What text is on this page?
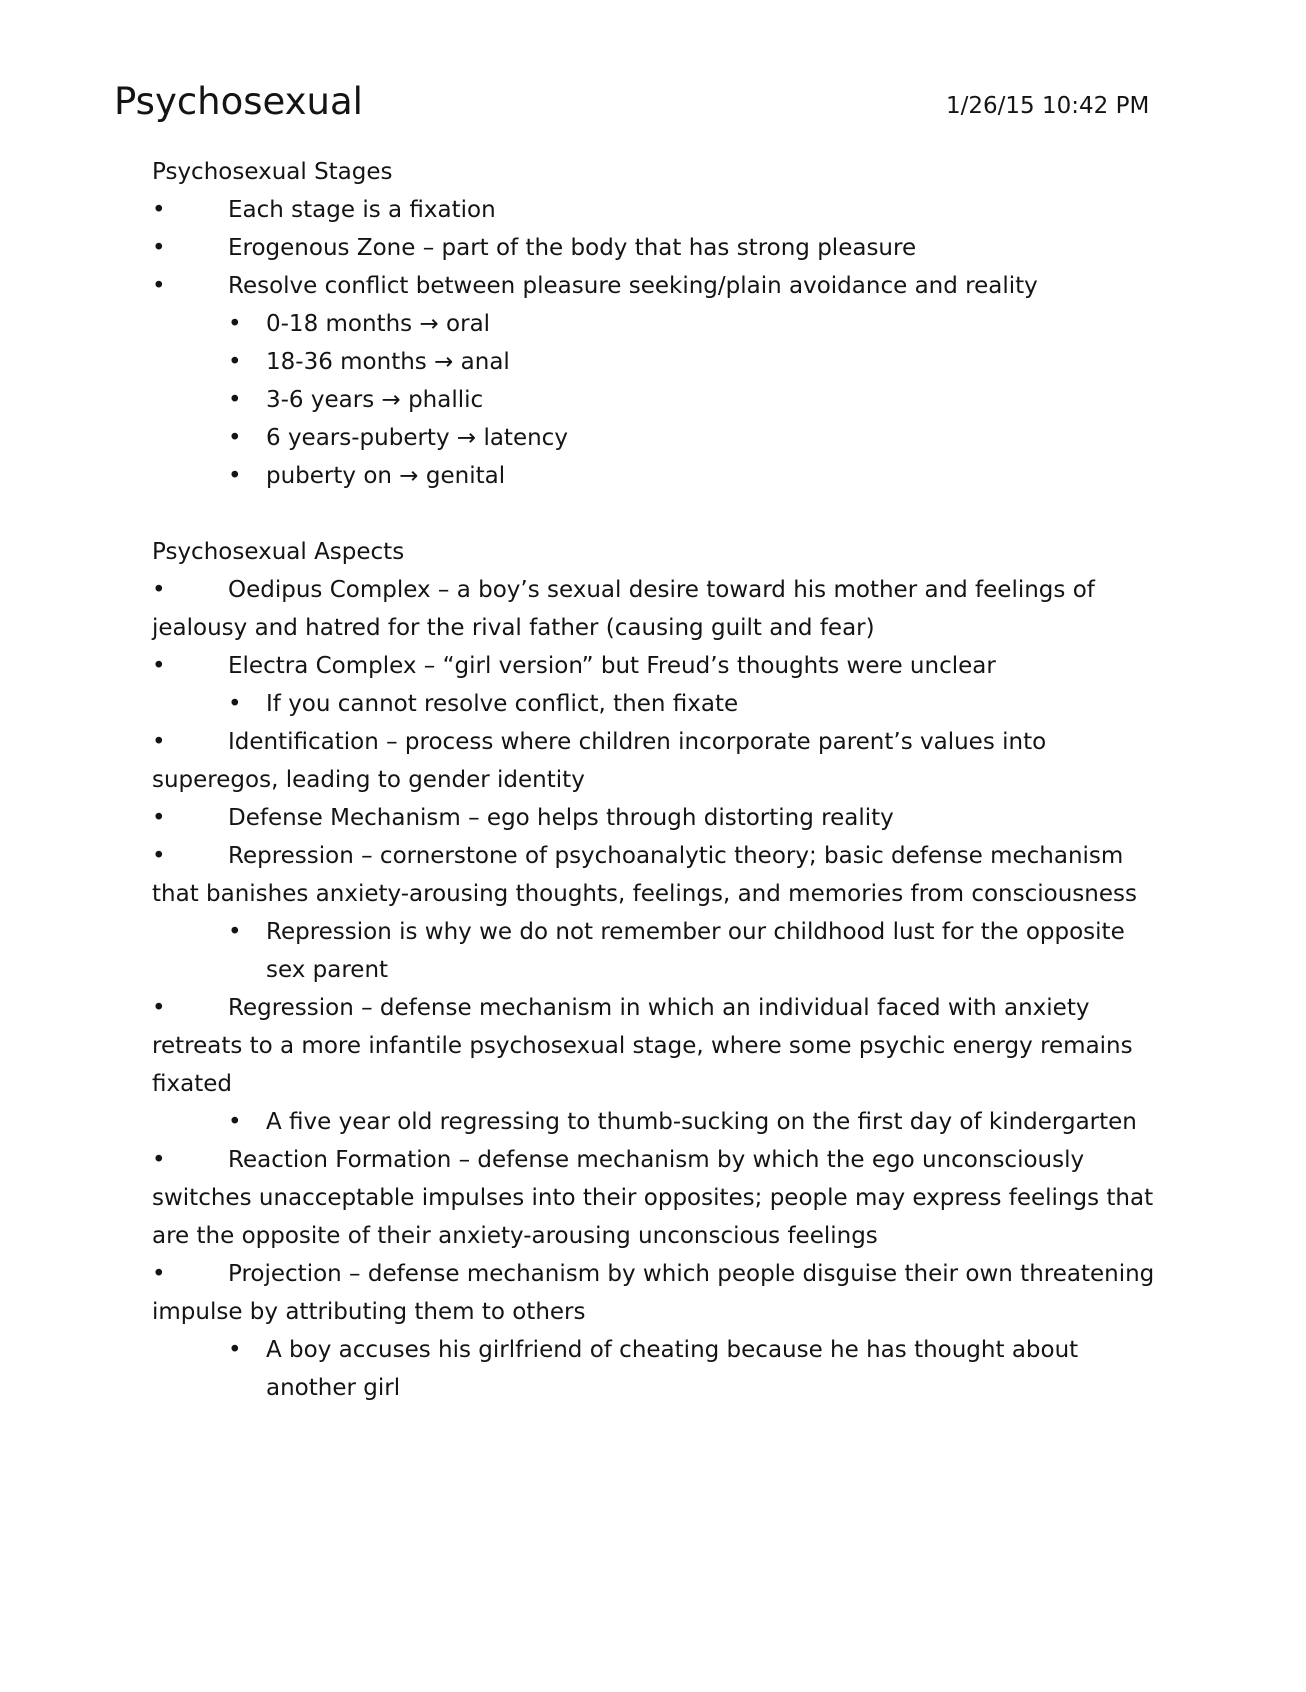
Psychosexual	1/26/15 10:42 PM
Psychosexual Stages
•	Each stage is a fixation
•	Erogenous Zone – part of the body that has strong pleasure
•	Resolve conflict between pleasure seeking/plain avoidance and reality
• 0-18 months → oral
• 18-36 months → anal
• 3-6 years → phallic
• 6 years-puberty → latency
• puberty on → genital
Psychosexual Aspects
•	Oedipus Complex – a boy’s sexual desire toward his mother and feelings of jealousy and hatred for the rival father (causing guilt and fear)
•	Electra Complex – “girl version” but Freud’s thoughts were unclear
• If you cannot resolve conflict, then fixate
•	Identification – process where children incorporate parent’s values into superegos, leading to gender identity
•	Defense Mechanism – ego helps through distorting reality
•	Repression – cornerstone of psychoanalytic theory; basic defense mechanism that banishes anxiety-arousing thoughts, feelings, and memories from consciousness
• Repression is why we do not remember our childhood lust for the opposite sex parent
•	Regression – defense mechanism in which an individual faced with anxiety retreats to a more infantile psychosexual stage, where some psychic energy remains fixated
• A five year old regressing to thumb-sucking on the first day of kindergarten
•	Reaction Formation – defense mechanism by which the ego unconsciously switches unacceptable impulses into their opposites; people may express feelings that are the opposite of their anxiety-arousing unconscious feelings
•	Projection – defense mechanism by which people disguise their own threatening impulse by attributing them to others
• A boy accuses his girlfriend of cheating because he has thought about another girl
